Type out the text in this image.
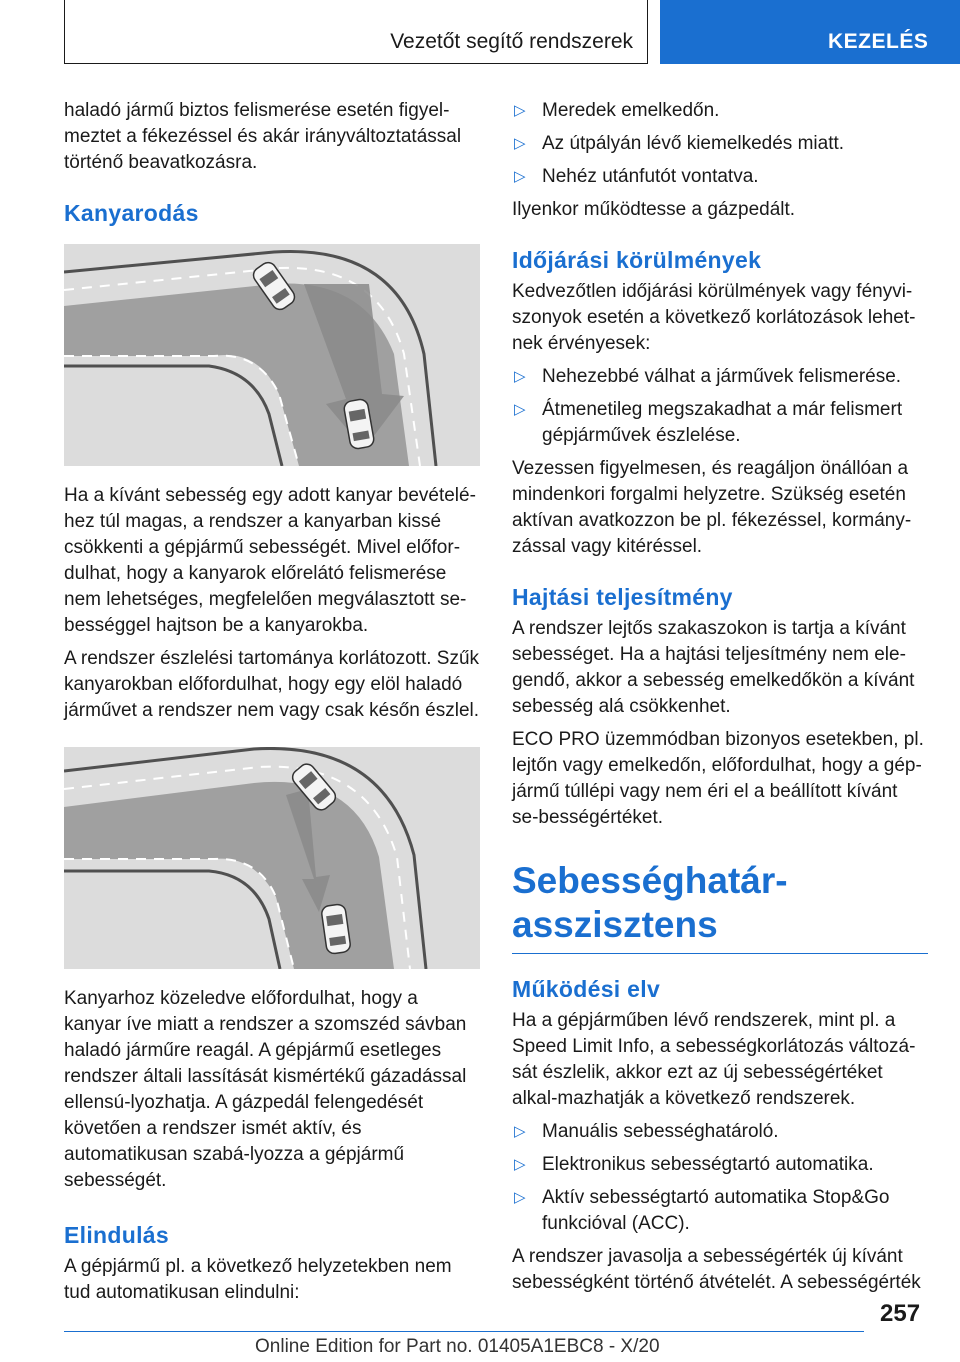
Vezetőt segítő rendszerek	KEZELÉS

haladó jármű biztos felismerése esetén figyel-meztet a fékezéssel és akár irányváltoztatással történő beavatkozásra.

Kanyarodás

Ha a kívánt sebesség egy adott kanyar bevételé-hez túl magas, a rendszer a kanyarban kissé csökkenti a gépjármű sebességét. Mivel előfor-dulhat, hogy a kanyarok előrelátó felismerése nem lehetséges, megfelelően megválasztott se-bességgel hajtson be a kanyarokba.

A rendszer észlelési tartománya korlátozott. Szűk kanyarokban előfordulhat, hogy egy elöl haladó járművet a rendszer nem vagy csak későn észlel.

Kanyarhoz közeledve előfordulhat, hogy a kanyar íve miatt a rendszer a szomszéd sávban haladó járműre reagál. A gépjármű esetleges rendszer általi lassítását kismértékű gázadással ellensú-lyozhatja. A gázpedál felengedését követően a rendszer ismét aktív, és automatikusan szabá-lyozza a gépjármű sebességét.

Elindulás

A gépjármű pl. a következő helyzetekben nem tud automatikusan elindulni:

▷ Meredek emelkedőn.
▷ Az útpályán lévő kiemelkedés miatt.
▷ Nehéz utánfutót vontatva.

Ilyenkor működtesse a gázpedált.

Időjárási körülmények

Kedvezőtlen időjárási körülmények vagy fényvi-szonyok esetén a következő korlátozások lehet-nek érvényesek:

▷ Nehezebbé válhat a járművek felismerése.
▷ Átmenetileg megszakadhat a már felismert gépjárművek észlelése.

Vezessen figyelmesen, és reagáljon önállóan a mindenkori forgalmi helyzetre. Szükség esetén aktívan avatkozzon be pl. fékezéssel, kormány-zással vagy kitéréssel.

Hajtási teljesítmény

A rendszer lejtős szakaszokon is tartja a kívánt sebességet. Ha a hajtási teljesítmény nem ele-gendő, akkor a sebesség emelkedőkön a kívánt sebesség alá csökkenhet.

ECO PRO üzemmódban bizonyos esetekben, pl. lejtőn vagy emelkedőn, előfordulhat, hogy a gép-jármű túllépi vagy nem éri el a beállított kívánt se-bességértéket.

Sebességhatár-
asszisztens
Működési elv

Ha a gépjárműben lévő rendszerek, mint pl. a Speed Limit Info, a sebességkorlátozás változá-sát észlelik, akkor ezt az új sebességértéket alkal-mazhatják a következő rendszerek.

▷ Manuális sebességhatároló.
▷ Elektronikus sebességtartó automatika.
▷ Aktív sebességtartó automatika Stop&Go funkcióval (ACC).

A rendszer javasolja a sebességérték új kívánt sebességként történő átvételét. A sebességérték

257
Online Edition for Part no. 01405A1EBC8 - X/20
